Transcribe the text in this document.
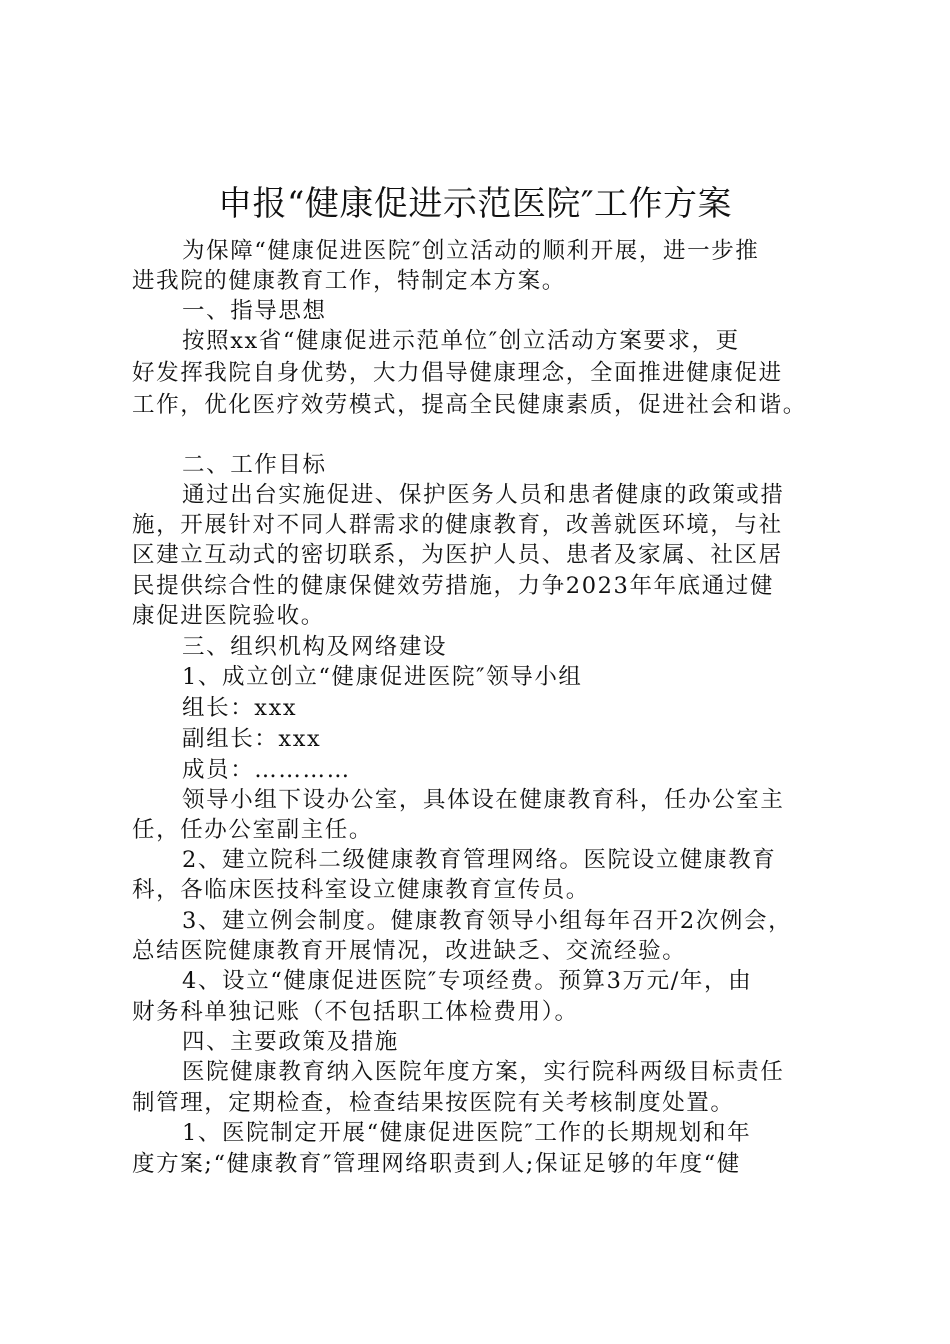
申报“健康促进示范医院″工作方案
为保障“健康促进医院″创立活动的顺利开展，进一步推
进我院的健康教育工作，特制定本方案。
一、指导思想
按照xx省“健康促进示范单位″创立活动方案要求，更
好发挥我院自身优势，大力倡导健康理念，全面推进健康促进
工作，优化医疗效劳模式，提高全民健康素质，促进社会和谐。
二、工作目标
通过出台实施促进、保护医务人员和患者健康的政策或措
施，开展针对不同人群需求的健康教育，改善就医环境，与社
区建立互动式的密切联系，为医护人员、患者及家属、社区居
民提供综合性的健康保健效劳措施，力争2023年年底通过健
康促进医院验收。
三、组织机构及网络建设
1、成立创立“健康促进医院″领导小组
组长：xxx
副组长：xxx
成员：…………
领导小组下设办公室，具体设在健康教育科，任办公室主
任，任办公室副主任。
2、建立院科二级健康教育管理网络。医院设立健康教育
科，各临床医技科室设立健康教育宣传员。
3、建立例会制度。健康教育领导小组每年召开2次例会，
总结医院健康教育开展情况，改进缺乏、交流经验。
4、设立“健康促进医院″专项经费。预算3万元/年，由
财务科单独记账（不包括职工体检费用）。
四、主要政策及措施
医院健康教育纳入医院年度方案，实行院科两级目标责任
制管理，定期检查，检查结果按医院有关考核制度处置。
1、医院制定开展“健康促进医院″工作的长期规划和年
度方案;“健康教育″管理网络职责到人;保证足够的年度“健
